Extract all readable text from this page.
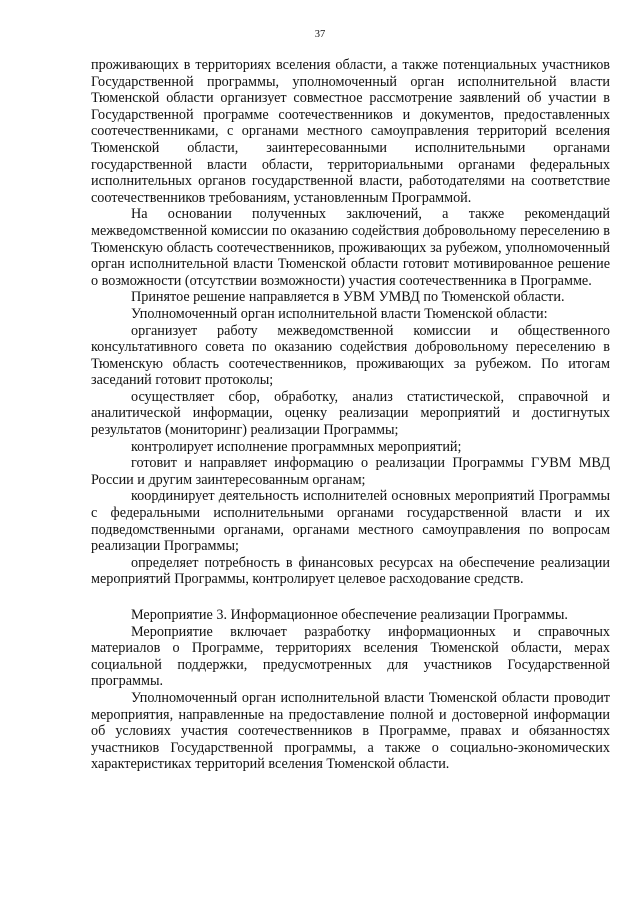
37

проживающих в территориях вселения области, а также потенциальных участников Государственной программы, уполномоченный орган исполнительной власти Тюменской области организует совместное рассмотрение заявлений об участии в Государственной программе соотечественников и документов, предоставленных соотечественниками, с органами местного самоуправления территорий вселения Тюменской области, заинтересованными исполнительными органами государственной власти области, территориальными органами федеральных исполнительных органов государственной власти, работодателями на соответствие соотечественников требованиям, установленным Программой.

На основании полученных заключений, а также рекомендаций межведомственной комиссии по оказанию содействия добровольному переселению в Тюменскую область соотечественников, проживающих за рубежом, уполномоченный орган исполнительной власти Тюменской области готовит мотивированное решение о возможности (отсутствии возможности) участия соотечественника в Программе.

Принятое решение направляется в УВМ УМВД по Тюменской области.

Уполномоченный орган исполнительной власти Тюменской области:

организует работу межведомственной комиссии и общественного консультативного совета по оказанию содействия добровольному переселению в Тюменскую область соотечественников, проживающих за рубежом. По итогам заседаний готовит протоколы;

осуществляет сбор, обработку, анализ статистической, справочной и аналитической информации, оценку реализации мероприятий и достигнутых результатов (мониторинг) реализации Программы;

контролирует исполнение программных мероприятий;

готовит и направляет информацию о реализации Программы ГУВМ МВД России и другим заинтересованным органам;

координирует деятельность исполнителей основных мероприятий Программы с федеральными исполнительными органами государственной власти и их подведомственными органами, органами местного самоуправления по вопросам реализации Программы;

определяет потребность в финансовых ресурсах на обеспечение реализации мероприятий Программы, контролирует целевое расходование средств.

Мероприятие 3. Информационное обеспечение реализации Программы.

Мероприятие включает разработку информационных и справочных материалов о Программе, территориях вселения Тюменской области, мерах социальной поддержки, предусмотренных для участников Государственной программы.

Уполномоченный орган исполнительной власти Тюменской области проводит мероприятия, направленные на предоставление полной и достоверной информации об условиях участия соотечественников в Программе, правах и обязанностях участников Государственной программы, а также о социально-экономических характеристиках территорий вселения Тюменской области.
